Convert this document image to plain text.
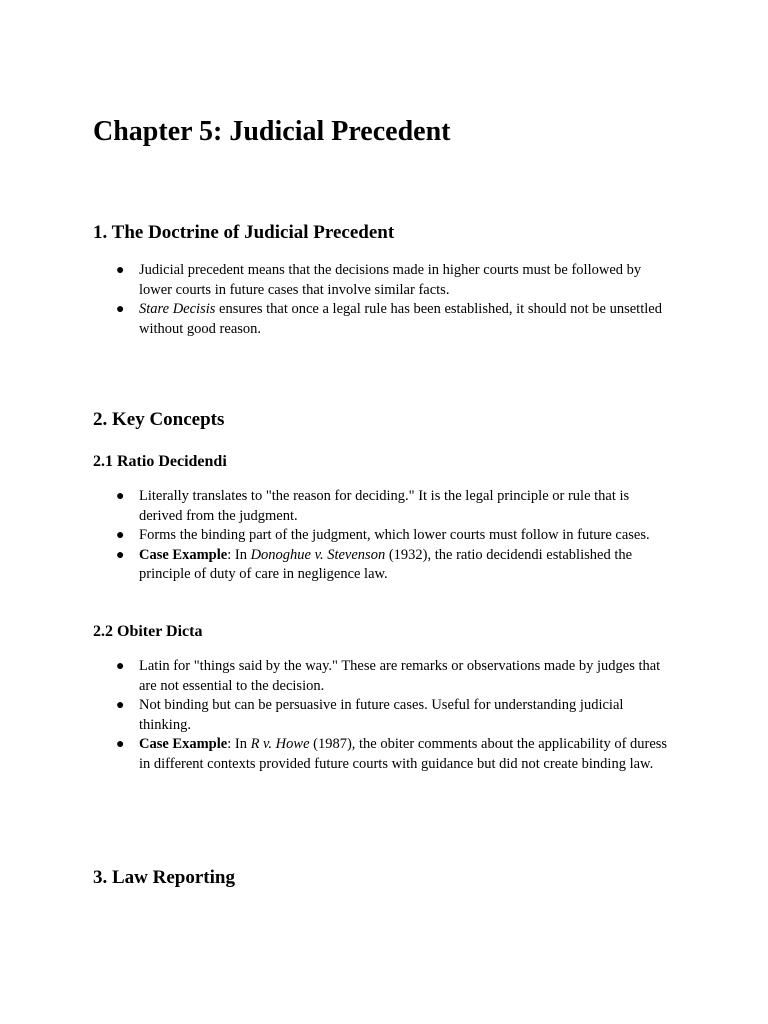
Chapter 5: Judicial Precedent
1. The Doctrine of Judicial Precedent
● Judicial precedent means that the decisions made in higher courts must be followed by lower courts in future cases that involve similar facts.
● Stare Decisis ensures that once a legal rule has been established, it should not be unsettled without good reason.
2. Key Concepts
2.1 Ratio Decidendi
● Literally translates to "the reason for deciding." It is the legal principle or rule that is derived from the judgment.
● Forms the binding part of the judgment, which lower courts must follow in future cases.
● Case Example: In Donoghue v. Stevenson (1932), the ratio decidendi established the principle of duty of care in negligence law.
2.2 Obiter Dicta
● Latin for "things said by the way." These are remarks or observations made by judges that are not essential to the decision.
● Not binding but can be persuasive in future cases. Useful for understanding judicial thinking.
● Case Example: In R v. Howe (1987), the obiter comments about the applicability of duress in different contexts provided future courts with guidance but did not create binding law.
3. Law Reporting
